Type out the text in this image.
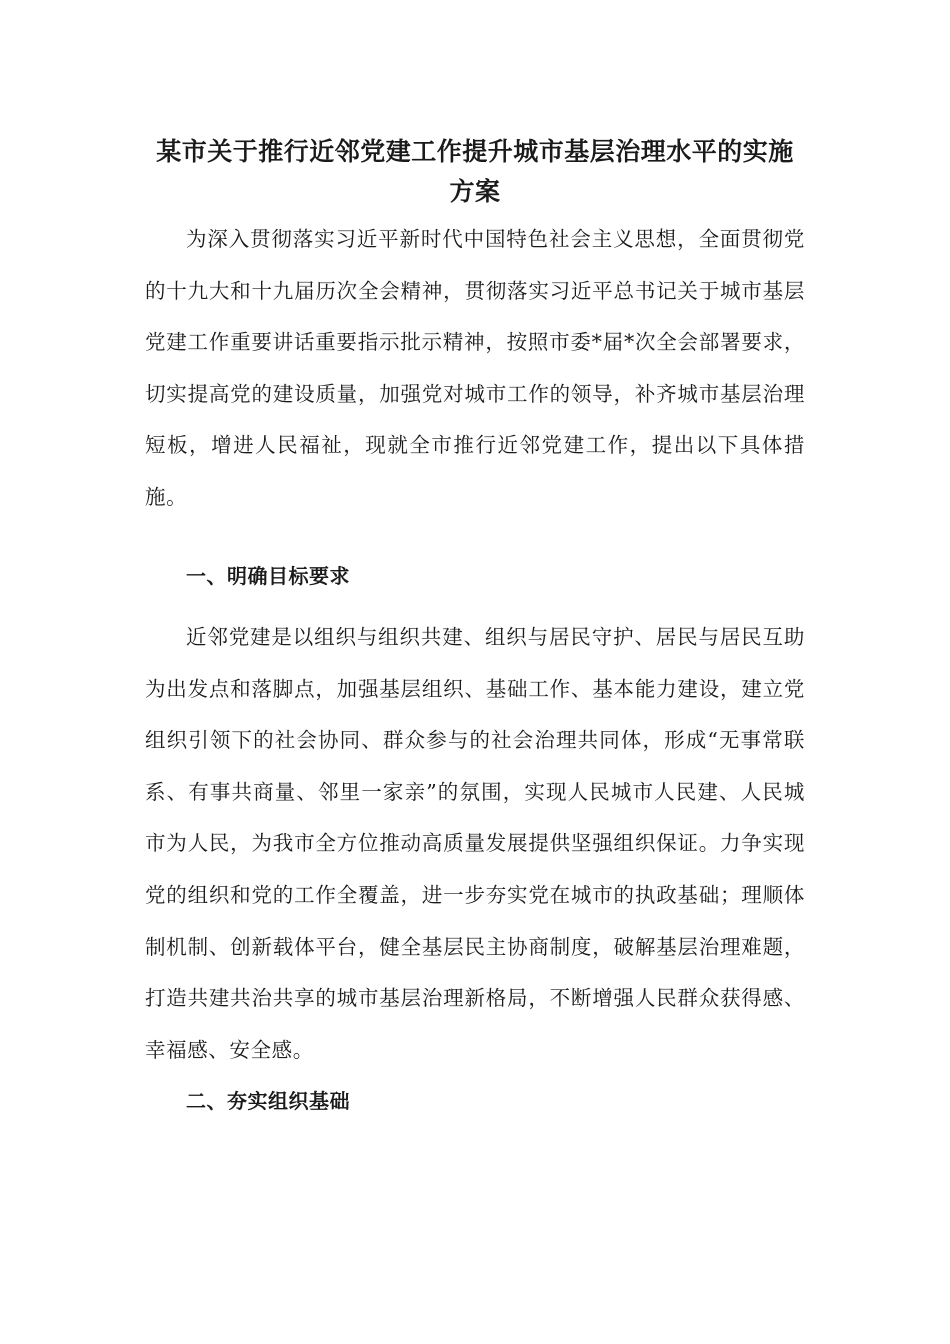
某市关于推行近邻党建工作提升城市基层治理水平的实施
方案

为深入贯彻落实习近平新时代中国特色社会主义思想，全面贯彻党的十九大和十九届历次全会精神，贯彻落实习近平总书记关于城市基层党建工作重要讲话重要指示批示精神，按照市委*届*次全会部署要求，切实提高党的建设质量，加强党对城市工作的领导，补齐城市基层治理短板，增进人民福祉，现就全市推行近邻党建工作，提出以下具体措施。

一、明确目标要求

近邻党建是以组织与组织共建、组织与居民守护、居民与居民互助为出发点和落脚点，加强基层组织、基础工作、基本能力建设，建立党组织引领下的社会协同、群众参与的社会治理共同体，形成“无事常联系、有事共商量、邻里一家亲”的氛围，实现人民城市人民建、人民城市为人民，为我市全方位推动高质量发展提供坚强组织保证。力争实现党的组织和党的工作全覆盖，进一步夯实党在城市的执政基础；理顺体制机制、创新载体平台，健全基层民主协商制度，破解基层治理难题，打造共建共治共享的城市基层治理新格局，不断增强人民群众获得感、幸福感、安全感。

二、夯实组织基础
